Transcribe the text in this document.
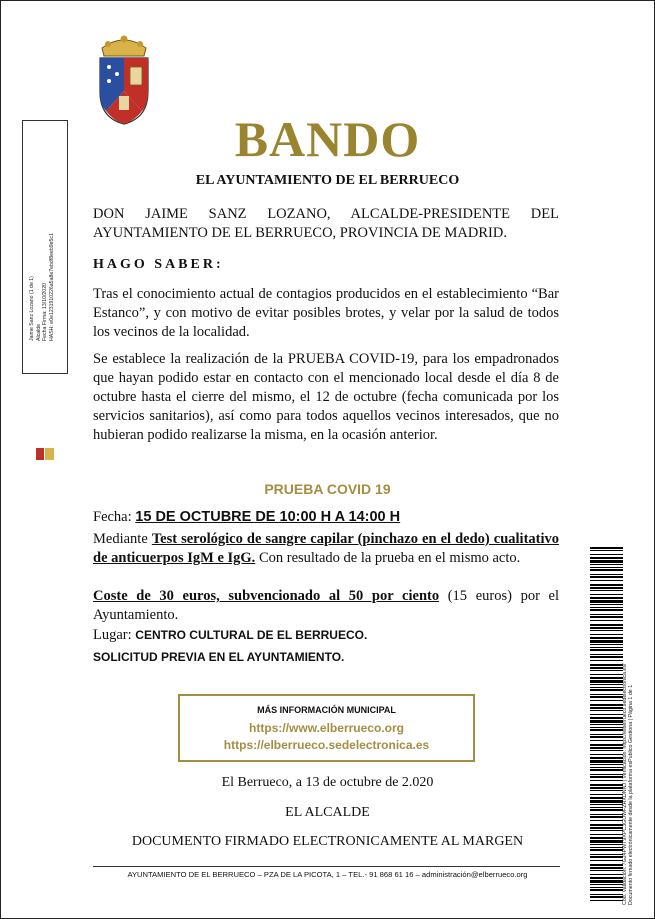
Jaime Sanz Lozano (1 de 1) Alcalde Fecha Firma: 13/10/2020 HASH: e0e1231910226a5a8e7ebdf8eeb9e5c1
BANDO
EL AYUNTAMIENTO DE EL BERRUECO
DON JAIME SANZ LOZANO, ALCALDE-PRESIDENTE DEL AYUNTAMIENTO DE EL BERRUECO, PROVINCIA DE MADRID.
HAGO SABER:
Tras el conocimiento actual de contagios producidos en el establecimiento “Bar Estanco”, y con motivo de evitar posibles brotes, y velar por la salud de todos los vecinos de la localidad.
Se establece la realización de la PRUEBA COVID-19, para los empadronados que hayan podido estar en contacto con el mencionado local desde el día 8 de octubre hasta el cierre del mismo, el 12 de octubre (fecha comunicada por los servicios sanitarios), así como para todos aquellos vecinos interesados, que no hubieran podido realizarse la misma, en la ocasión anterior.
PRUEBA COVID 19
Fecha: 15 DE OCTUBRE DE 10:00 H A 14:00 H
Mediante Test serológico de sangre capilar (pinchazo en el dedo) cualitativo de anticuerpos IgM e IgG. Con resultado de la prueba en el mismo acto.
Coste de 30 euros, subvencionado al 50 por ciento (15 euros) por el Ayuntamiento.
Lugar: CENTRO CULTURAL DE EL BERRUECO.
SOLICITUD PREVIA EN EL AYUNTAMIENTO.
MÁS INFORMACIÓN MUNICIPAL
https://www.elberrueco.org
https://elberrueco.sedelectronica.es
El Berrueco, a 13 de octubre de 2.020
EL ALCALDE
DOCUMENTO FIRMADO ELECTRONICAMENTE AL MARGEN
AYUNTAMIENTO DE EL BERRUECO – PZA DE LA PICOTA, 1 – TEL.- 91 868 61 16 – administración@elberrueco.org	Cód. Validación: 7G24PWT9XPC3GUWFZRXDNNJ | Verificación: https://elberrueco.sedelectronica.es/ Documento firmado electrónicamente desde la plataforma esPublico Gestiona | Página 1 de 1
